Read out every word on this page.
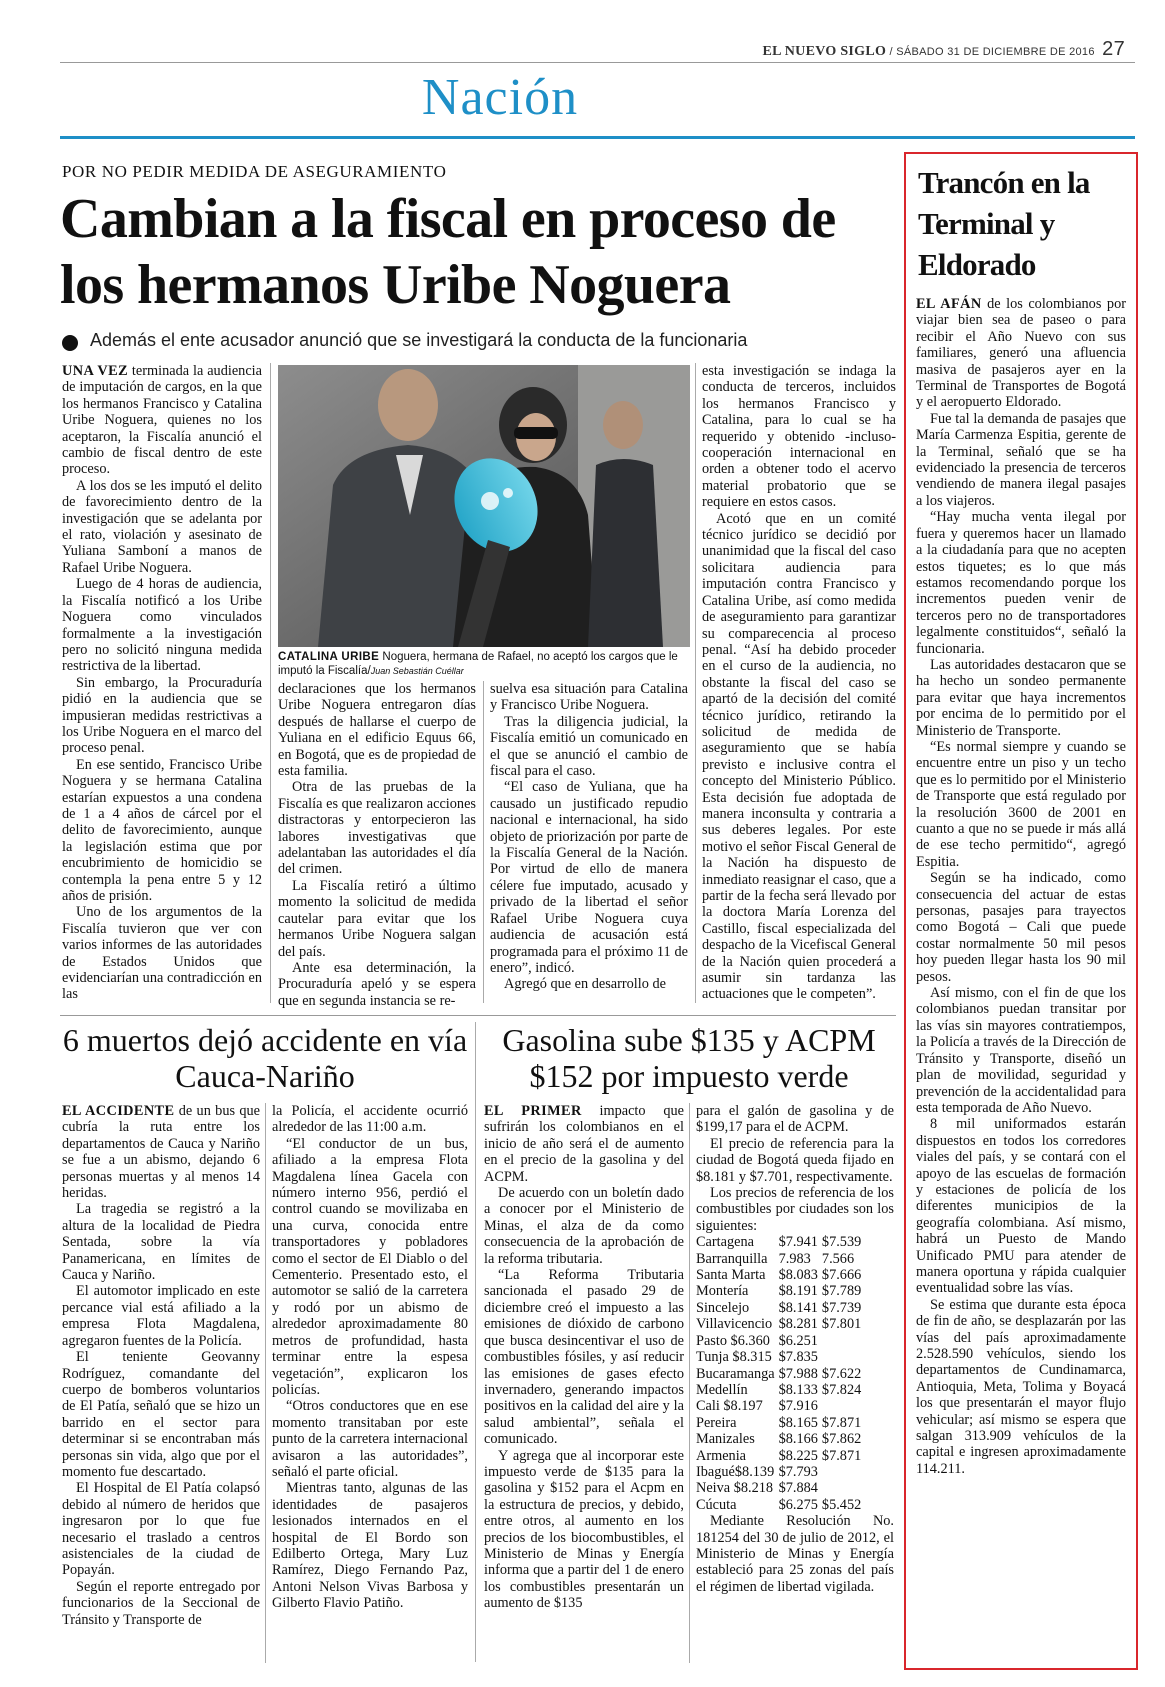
EL NUEVO SIGLO / SÁBADO 31 DE DICIEMBRE DE 2016 27
Nación
POR NO PEDIR MEDIDA DE ASEGURAMIENTO
Cambian a la fiscal en proceso de los hermanos Uribe Noguera
Además el ente acusador anunció que se investigará la conducta de la funcionaria

UNA VEZ terminada la audiencia de imputación de cargos, en la que los hermanos Francisco y Catalina Uribe Noguera, quienes no los aceptaron, la Fiscalía anunció el cambio de fiscal dentro de este proceso.

A los dos se les imputó el delito de favorecimiento dentro de la investigación que se adelanta por el rato, violación y asesinato de Yuliana Samboní a manos de Rafael Uribe Noguera.

Luego de 4 horas de audiencia, la Fiscalía notificó a los Uribe Noguera como vinculados formalmente a la investigación pero no solicitó ninguna medida restrictiva de la libertad.

Sin embargo, la Procuraduría pidió en la audiencia que se impusieran medidas restrictivas a los Uribe Noguera en el marco del proceso penal.

En ese sentido, Francisco Uribe Noguera y se hermana Catalina estarían expuestos a una condena de 1 a 4 años de cárcel por el delito de favorecimiento, aunque la legislación estima que por encubrimiento de homicidio se contempla la pena entre 5 y 12 años de prisión.

Uno de los argumentos de la Fiscalía tuvieron que ver con varios informes de las autoridades de Estados Unidos que evidenciarían una contradicción en las

CATALINA URIBE Noguera, hermana de Rafael, no aceptó los cargos que le imputó la Fiscalía/Juan Sebastián Cuéllar

declaraciones que los hermanos Uribe Noguera entregaron días después de hallarse el cuerpo de Yuliana en el edificio Equus 66, en Bogotá, que es de propiedad de esta familia.

Otra de las pruebas de la Fiscalía es que realizaron acciones distractoras y entorpecieron las labores investigativas que adelantaban las autoridades el día del crimen.

La Fiscalía retiró a último momento la solicitud de medida cautelar para evitar que los hermanos Uribe Noguera salgan del país.

Ante esa determinación, la Procuraduría apeló y se espera que en segunda instancia se re-

suelva esa situación para Catalina y Francisco Uribe Noguera.

Tras la diligencia judicial, la Fiscalía emitió un comunicado en el que se anunció el cambio de fiscal para el caso.

“El caso de Yuliana, que ha causado un justificado repudio nacional e internacional, ha sido objeto de priorización por parte de la Fiscalía General de la Nación. Por virtud de ello de manera célere fue imputado, acusado y privado de la libertad el señor Rafael Uribe Noguera cuya audiencia de acusación está programada para el próximo 11 de enero”, indicó.

Agregó que en desarrollo de

esta investigación se indaga la conducta de terceros, incluidos los hermanos Francisco y Catalina, para lo cual se ha requerido y obtenido -incluso- cooperación internacional en orden a obtener todo el acervo material probatorio que se requiere en estos casos.

Acotó que en un comité técnico jurídico se decidió por unanimidad que la fiscal del caso solicitara audiencia para imputación contra Francisco y Catalina Uribe, así como medida de aseguramiento para garantizar su comparecencia al proceso penal. “Así ha debido proceder en el curso de la audiencia, no obstante la fiscal del caso se apartó de la decisión del comité técnico jurídico, retirando la solicitud de medida de aseguramiento que se había previsto e inclusive contra el concepto del Ministerio Público. Esta decisión fue adoptada de manera inconsulta y contraria a sus deberes legales. Por este motivo el señor Fiscal General de la Nación ha dispuesto de inmediato reasignar el caso, que a partir de la fecha será llevado por la doctora María Lorenza del Castillo, fiscal especializada del despacho de la Vicefiscal General de la Nación quien procederá a asumir sin tardanza las actuaciones que le competen”.

6 muertos dejó accidente en vía Cauca-Nariño
Gasolina sube $135 y ACPM $152 por impuesto verde

EL ACCIDENTE de un bus que cubría la ruta entre los departamentos de Cauca y Nariño se fue a un abismo, dejando 6 personas muertas y al menos 14 heridas.

La tragedia se registró a la altura de la localidad de Piedra Sentada, sobre la vía Panamericana, en límites de Cauca y Nariño.

El automotor implicado en este percance vial está afiliado a la empresa Flota Magdalena, agregaron fuentes de la Policía.

El teniente Geovanny Rodríguez, comandante del cuerpo de bomberos voluntarios de El Patía, señaló que se hizo un barrido en el sector para determinar si se encontraban más personas sin vida, algo que por el momento fue descartado.

El Hospital de El Patía colapsó debido al número de heridos que ingresaron por lo que fue necesario el traslado a centros asistenciales de la ciudad de Popayán.

Según el reporte entregado por funcionarios de la Seccional de Tránsito y Transporte de

la Policía, el accidente ocurrió alrededor de las 11:00 a.m.

“El conductor de un bus, afiliado a la empresa Flota Magdalena línea Gacela con número interno 956, perdió el control cuando se movilizaba en una curva, conocida entre transportadores y pobladores como el sector de El Diablo o del Cementerio. Presentado esto, el automotor se salió de la carretera y rodó por un abismo de alrededor aproximadamente 80 metros de profundidad, hasta terminar entre la espesa vegetación”, explicaron los policías.

“Otros conductores que en ese momento transitaban por este punto de la carretera internacional avisaron a las autoridades”, señaló el parte oficial.

Mientras tanto, algunas de las identidades de pasajeros lesionados internados en el hospital de El Bordo son Edilberto Ortega, Mary Luz Ramírez, Diego Fernando Paz, Antoni Nelson Vivas Barbosa y Gilberto Flavio Patiño.

EL PRIMER impacto que sufrirán los colombianos en el inicio de año será el de aumento en el precio de la gasolina y del ACPM.

De acuerdo con un boletín dado a conocer por el Ministerio de Minas, el alza de da como consecuencia de la aprobación de la reforma tributaria.

“La Reforma Tributaria sancionada el pasado 29 de diciembre creó el impuesto a las emisiones de dióxido de carbono que busca desincentivar el uso de combustibles fósiles, y así reducir las emisiones de gases efecto invernadero, generando impactos positivos en la calidad del aire y la salud ambiental”, señala el comunicado.

Y agrega que al incorporar este impuesto verde de $135 para la gasolina y $152 para el Acpm en la estructura de precios, y debido, entre otros, al aumento en los precios de los biocombustibles, el Ministerio de Minas y Energía informa que a partir del 1 de enero los combustibles presentarán un aumento de $135

para el galón de gasolina y de $199,17 para el de ACPM.

El precio de referencia para la ciudad de Bogotá queda fijado en $8.181 y $7.701, respectivamente.

Los precios de referencia de los combustibles por ciudades son los siguientes:

Cartagena	$7.941	$7.539
Barranquilla	7.983	7.566
Santa Marta	$8.083	$7.666
Montería	$8.191	$7.789
Sincelejo	$8.141	$7.739
Villavicencio	$8.281	$7.801
Pasto $6.360	$6.251	
Tunja $8.315	$7.835	
Bucaramanga	$7.988	$7.622
Medellín	$8.133	$7.824
Cali $8.197	$7.916	
Pereira	$8.165	$7.871
Manizales	$8.166	$7.862
Armenia	$8.225	$7.871
Ibagué$8.139	$7.793	
Neiva $8.218	$7.884	
Cúcuta	$6.275	$5.452

Mediante Resolución No. 181254 del 30 de julio de 2012, el Ministerio de Minas y Energía estableció para 25 zonas del país el régimen de libertad vigilada.

Trancón en la Terminal y Eldorado

EL AFÁN de los colombianos por viajar bien sea de paseo o para recibir el Año Nuevo con sus familiares, generó una afluencia masiva de pasajeros ayer en la Terminal de Transportes de Bogotá y el aeropuerto Eldorado.

Fue tal la demanda de pasajes que María Carmenza Espitia, gerente de la Terminal, señaló que se ha evidenciado la presencia de terceros vendiendo de manera ilegal pasajes a los viajeros.

“Hay mucha venta ilegal por fuera y queremos hacer un llamado a la ciudadanía para que no acepten estos tiquetes; es lo que más estamos recomendando porque los incrementos pueden venir de terceros pero no de transportadores legalmente constituidos“, señaló la funcionaria.

Las autoridades destacaron que se ha hecho un sondeo permanente para evitar que haya incrementos por encima de lo permitido por el Ministerio de Transporte.

“Es normal siempre y cuando se encuentre entre un piso y un techo que es lo permitido por el Ministerio de Transporte que está regulado por la resolución 3600 de 2001 en cuanto a que no se puede ir más allá de ese techo permitido“, agregó Espitia.

Según se ha indicado, como consecuencia del actuar de estas personas, pasajes para trayectos como Bogotá – Cali que puede costar normalmente 50 mil pesos hoy pueden llegar hasta los 90 mil pesos.

Así mismo, con el fin de que los colombianos puedan transitar por las vías sin mayores contratiempos, la Policía a través de la Dirección de Tránsito y Transporte, diseñó un plan de movilidad, seguridad y prevención de la accidentalidad para esta temporada de Año Nuevo.

8 mil uniformados estarán dispuestos en todos los corredores viales del país, y se contará con el apoyo de las escuelas de formación y estaciones de policía de los diferentes municipios de la geografía colombiana. Así mismo, habrá un Puesto de Mando Unificado PMU para atender de manera oportuna y rápida cualquier eventualidad sobre las vías.

Se estima que durante esta época de fin de año, se desplazarán por las vías del país aproximadamente 2.528.590 vehículos, siendo los departamentos de Cundinamarca, Antioquia, Meta, Tolima y Boyacá los que presentarán el mayor flujo vehicular; así mismo se espera que salgan 313.909 vehículos de la capital e ingresen aproximadamente 114.211.
